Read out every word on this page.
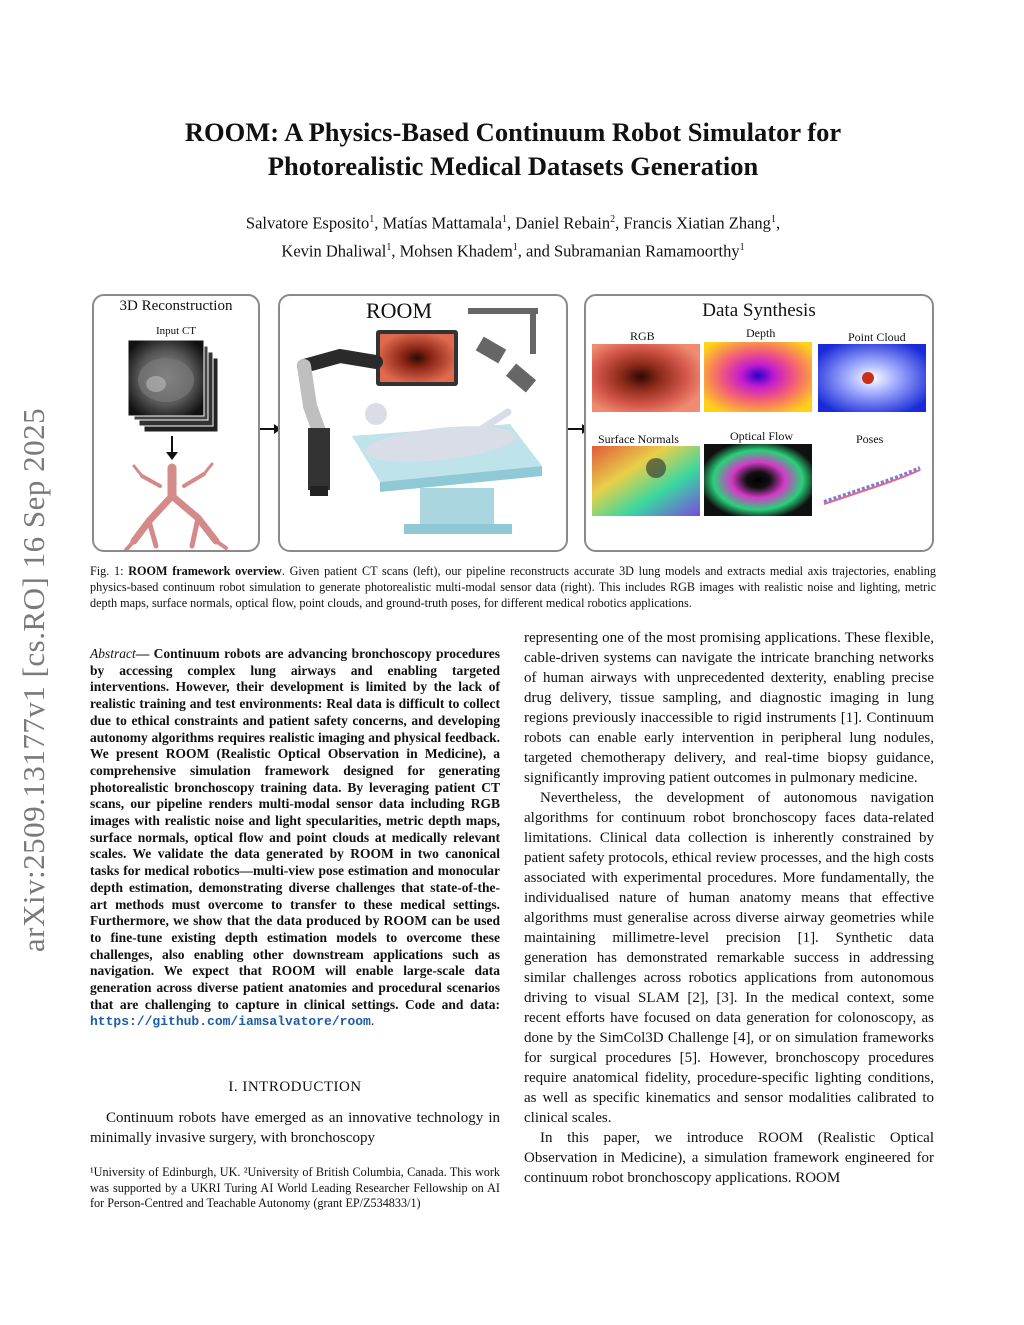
arXiv:2509.13177v1 [cs.RO] 16 Sep 2025
ROOM: A Physics-Based Continuum Robot Simulator for
Photorealistic Medical Datasets Generation
Salvatore Esposito$^1$, Matías Mattamala$^1$, Daniel Rebain$^2$, Francis Xiatian Zhang$^1$,
Kevin Dhaliwal$^1$, Mohsen Khadem$^1$, and Subramanian Ramamoorthy$^1$
3D Reconstruction
Input CT
ROOM	Data Synthesis
RGB	Depth	Point Cloud
Surface Normals	Optical Flow	Poses
Fig. 1: ROOM framework overview. Given patient CT scans (left), our pipeline reconstructs accurate 3D lung models and extracts medial axis trajectories, enabling physics-based continuum robot simulation to generate photorealistic multi-modal sensor data (right). This includes RGB images with realistic noise and lighting, metric depth maps, surface normals, optical flow, point clouds, and ground-truth poses, for different medical robotics applications.

Abstract— Continuum robots are advancing bronchoscopy procedures by accessing complex lung airways and enabling targeted interventions. However, their development is limited by the lack of realistic training and test environments: Real data is difficult to collect due to ethical constraints and patient safety concerns, and developing autonomy algorithms requires realistic imaging and physical feedback. We present ROOM (Realistic Optical Observation in Medicine), a comprehensive simulation framework designed for generating photorealistic bronchoscopy training data. By leveraging patient CT scans, our pipeline renders multi-modal sensor data including RGB images with realistic noise and light specularities, metric depth maps, surface normals, optical flow and point clouds at medically relevant scales. We validate the data generated by ROOM in two canonical tasks for medical robotics—multi-view pose estimation and monocular depth estimation, demonstrating diverse challenges that state-of-the-art methods must overcome to transfer to these medical settings. Furthermore, we show that the data produced by ROOM can be used to fine-tune existing depth estimation models to overcome these challenges, also enabling other downstream applications such as navigation. We expect that ROOM will enable large-scale data generation across diverse patient anatomies and procedural scenarios that are challenging to capture in clinical settings. Code and data: https://github.com/iamsalvatore/room.

I. INTRODUCTION

Continuum robots have emerged as an innovative technology in minimally invasive surgery, with bronchoscopy

¹University of Edinburgh, UK. ²University of British Columbia, Canada. This work was supported by a UKRI Turing AI World Leading Researcher Fellowship on AI for Person-Centred and Teachable Autonomy (grant EP/Z534833/1)

representing one of the most promising applications. These flexible, cable-driven systems can navigate the intricate branching networks of human airways with unprecedented dexterity, enabling precise drug delivery, tissue sampling, and diagnostic imaging in lung regions previously inaccessible to rigid instruments [1]. Continuum robots can enable early intervention in peripheral lung nodules, targeted chemotherapy delivery, and real-time biopsy guidance, significantly improving patient outcomes in pulmonary medicine.

Nevertheless, the development of autonomous navigation algorithms for continuum robot bronchoscopy faces data-related limitations. Clinical data collection is inherently constrained by patient safety protocols, ethical review processes, and the high costs associated with experimental procedures. More fundamentally, the individualised nature of human anatomy means that effective algorithms must generalise across diverse airway geometries while maintaining millimetre-level precision [1]. Synthetic data generation has demonstrated remarkable success in addressing similar challenges across robotics applications from autonomous driving to visual SLAM [2], [3]. In the medical context, some recent efforts have focused on data generation for colonoscopy, as done by the SimCol3D Challenge [4], or on simulation frameworks for surgical procedures [5]. However, bronchoscopy procedures require anatomical fidelity, procedure-specific lighting conditions, as well as specific kinematics and sensor modalities calibrated to clinical scales.

In this paper, we introduce ROOM (Realistic Optical Observation in Medicine), a simulation framework engineered for continuum robot bronchoscopy applications. ROOM
